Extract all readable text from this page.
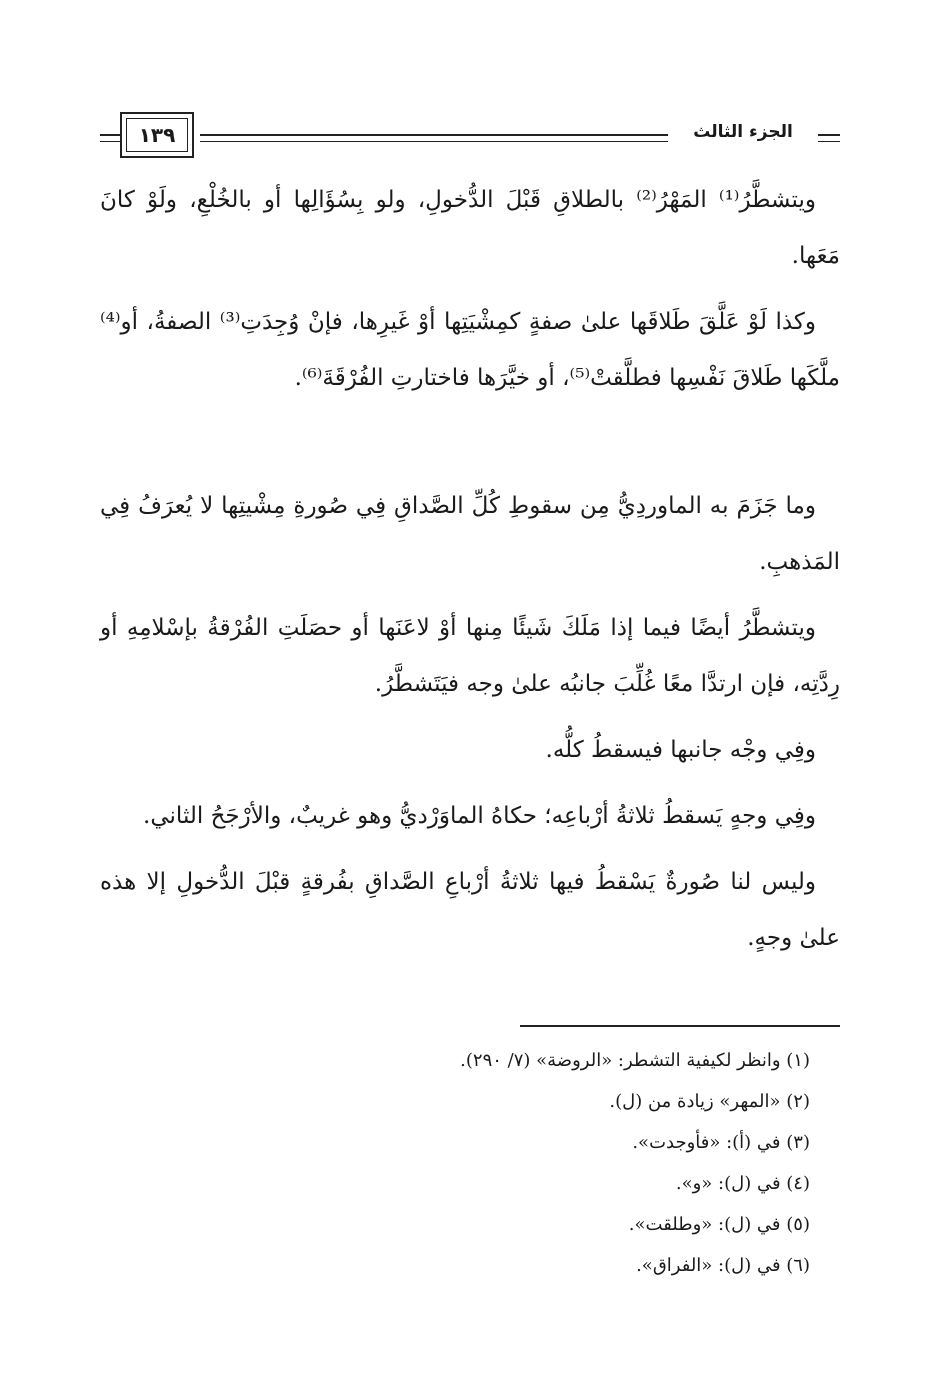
١٣٩	الجزء الثالث

ويتشطَّرُ⁽¹⁾ المَهْرُ⁽²⁾ بالطلاقِ قَبْلَ الدُّخولِ، ولو بِسُؤَالِها أو بالخُلْعِ، ولَوْ كانَ مَعَها.

وكذا لَوْ عَلَّقَ طَلاقَها علىٰ صفةٍ كمِشْيَتِها أوْ غَيرِها، فإنْ وُجِدَتِ⁽³⁾ الصفةُ، أو⁽⁴⁾ ملَّكَها طَلاقَ نَفْسِها فطلَّقتْ⁽⁵⁾، أو خيَّرَها فاختارتِ الفُرْقَةَ⁽⁶⁾.

وما جَزَمَ به الماوردِيُّ مِن سقوطِ كُلِّ الصَّداقِ فِي صُورةِ مِشْيتِها لا يُعرَفُ فِي المَذهبِ.

ويتشطَّرُ أيضًا فيما إذا مَلَكَ شَيئًا مِنها أوْ لاعَنَها أو حصَلَتِ الفُرْقةُ بإسْلامِهِ أو رِدَّتِه، فإن ارتدَّا معًا غُلِّبَ جانبُه علىٰ وجه فيَتَشطَّرُ.

وفِي وجْه جانبها فيسقطُ كلُّه.

وفِي وجهٍ يَسقطُ ثلاثةُ أرْباعِه؛ حكاهُ الماوَرْديُّ وهو غريبٌ، والأرْجَحُ الثاني.

وليس لنا صُورةٌ يَسْقطُ فيها ثلاثةُ أرْباعِ الصَّداقِ بفُرقةٍ قبْلَ الدُّخولِ إلا هذه علىٰ وجهٍ.

(١) وانظر لكيفية التشطر: «الروضة» (٧/ ٢٩٠).

(٢) «المهر» زيادة من (ل).

(٣) في (أ): «فأوجدت».

(٤) في (ل): «و».

(٥) في (ل): «وطلقت».

(٦) في (ل): «الفراق».
